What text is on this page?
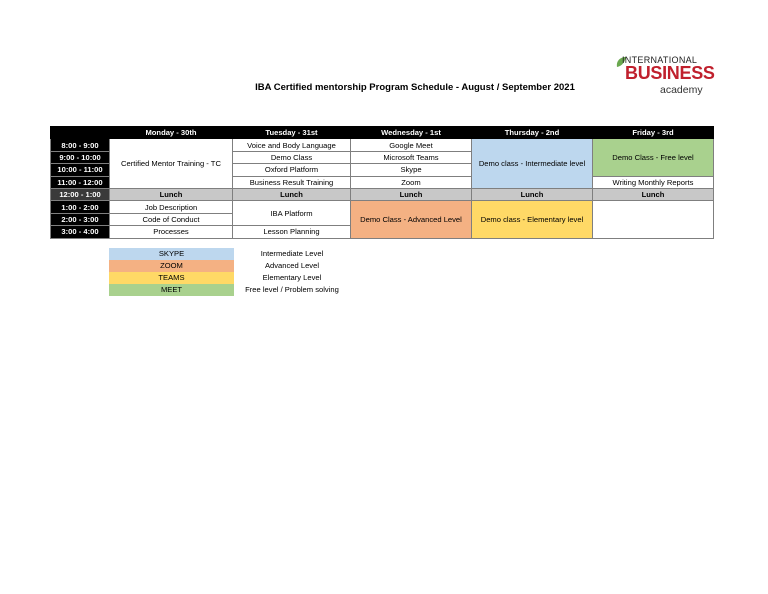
INTERNATIONAL
BUSINESS
academy
IBA Certified mentorship Program Schedule - August / September 2021
	Monday - 30th	Tuesday - 31st	Wednesday - 1st	Thursday - 2nd	Friday - 3rd
8:00 - 9:00	Certified Mentor Training - TC	Voice and Body Language	Google Meet	Demo class - Intermediate level	Demo Class - Free level
9:00 - 10:00		Demo Class	Microsoft Teams		
10:00 - 11:00		Oxford Platform	Skype		
11:00 - 12:00		Business Result Training	Zoom		Writing Monthly Reports
12:00 - 1:00	Lunch	Lunch	Lunch	Lunch	Lunch
1:00 - 2:00	Job Description	IBA Platform	Demo Class - Advanced Level	Demo class - Elementary level	
2:00 - 3:00	Code of Conduct				
3:00 - 4:00	Processes	Lesson Planning			
SKYPE	Intermediate Level
ZOOM	Advanced Level
TEAMS	Elementary Level
MEET	Free level / Problem solving
